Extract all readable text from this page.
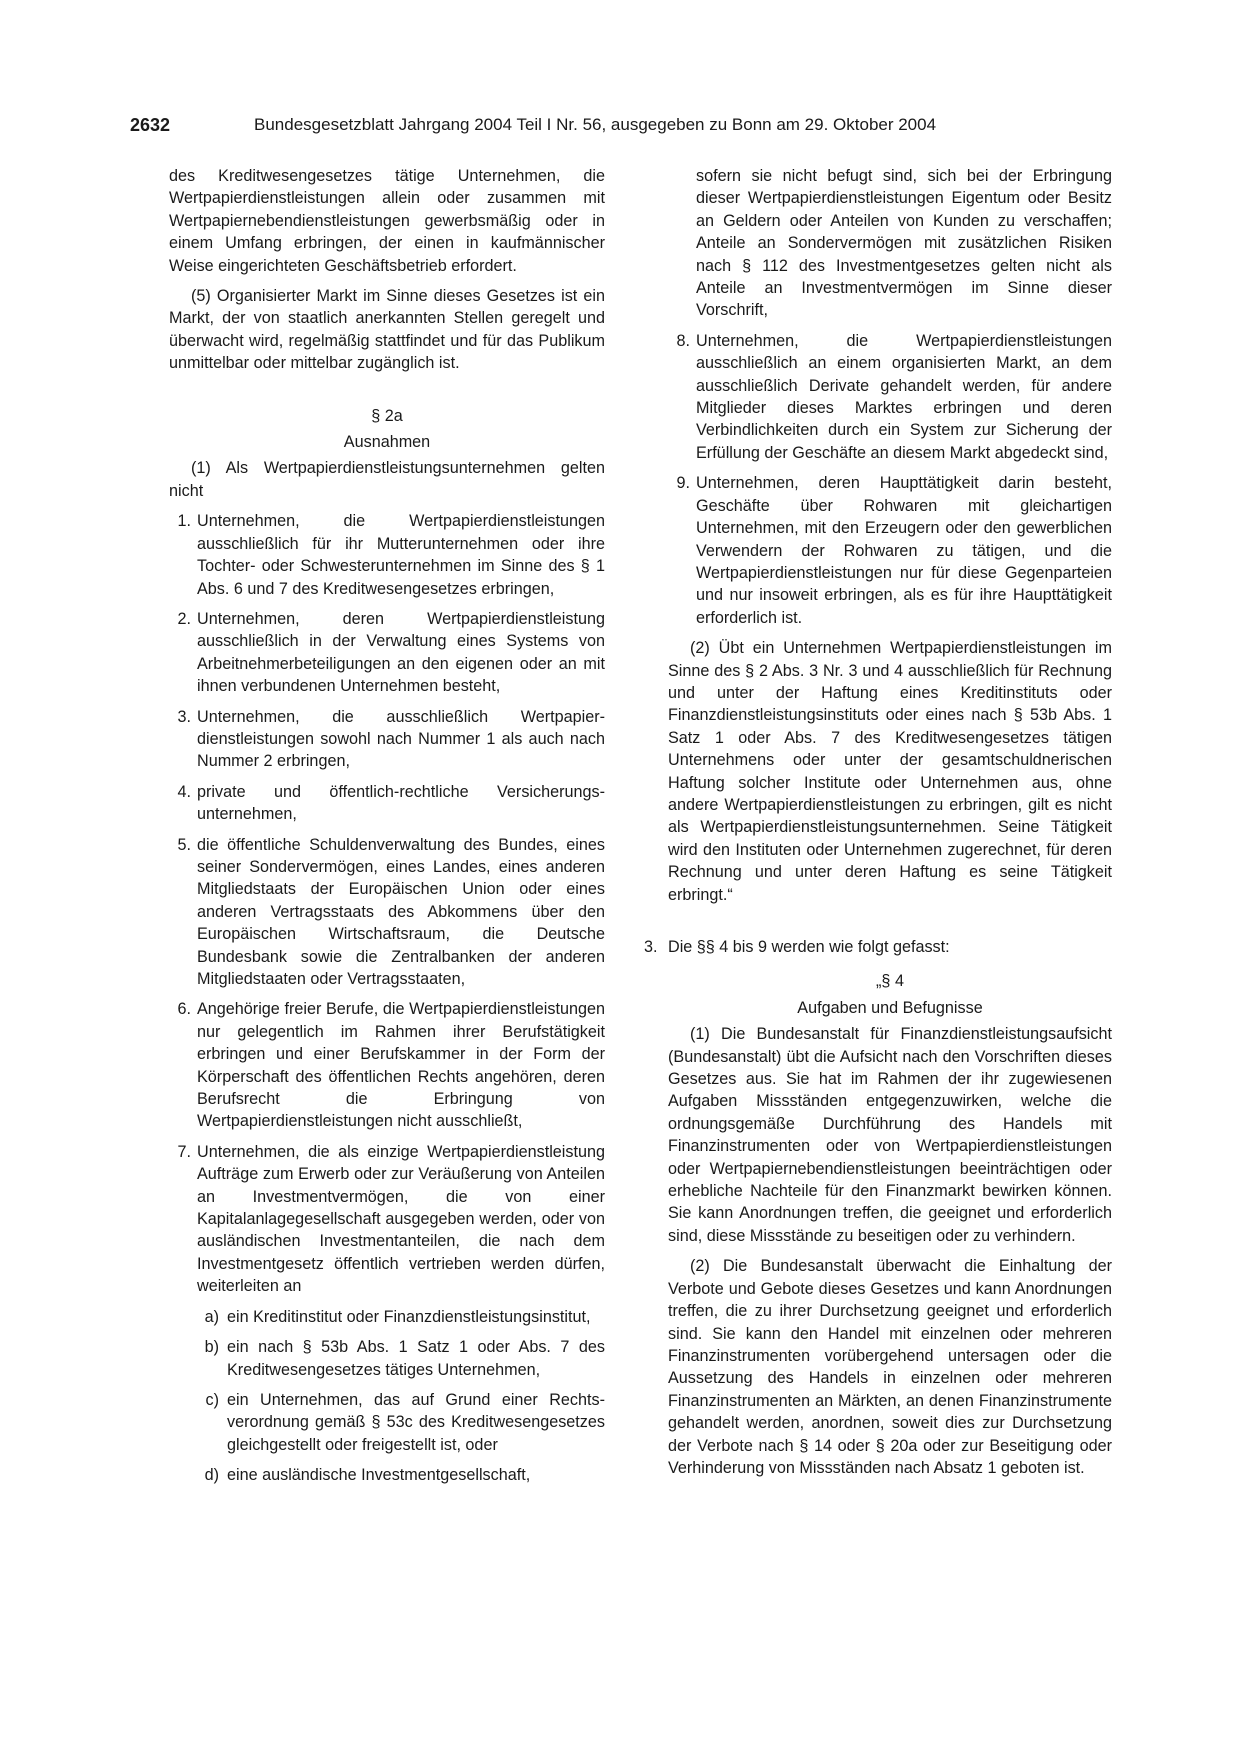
2632	Bundesgesetzblatt Jahrgang 2004 Teil I Nr. 56, ausgegeben zu Bonn am 29. Oktober 2004

des Kreditwesengesetzes tätige Unternehmen, die Wertpapierdienstleistungen allein oder zusammen mit Wertpapiernebendienstleistungen gewerbsmäßig oder in einem Umfang erbringen, der einen in kaufmännischer Weise eingerichteten Geschäftsbetrieb erfordert.

(5) Organisierter Markt im Sinne dieses Gesetzes ist ein Markt, der von staatlich anerkannten Stellen geregelt und überwacht wird, regelmäßig stattfindet und für das Publikum unmittelbar oder mittelbar zugänglich ist.

§ 2a

Ausnahmen

(1) Als Wertpapierdienstleistungsunternehmen gelten nicht

1. Unternehmen, die Wertpapierdienstleistungen ausschließlich für ihr Mutterunternehmen oder ihre Tochter- oder Schwesterunternehmen im Sinne des § 1 Abs. 6 und 7 des Kreditwesengesetzes erbringen,
2. Unternehmen, deren Wertpapierdienstleistung ausschließlich in der Verwaltung eines Systems von Arbeitnehmerbeteiligungen an den eigenen oder an mit ihnen verbundenen Unternehmen besteht,
3. Unternehmen, die ausschließlich Wertpapierdienstleistungen sowohl nach Nummer 1 als auch nach Nummer 2 erbringen,
4. private und öffentlich-rechtliche Versicherungsunternehmen,
5. die öffentliche Schuldenverwaltung des Bundes, eines seiner Sondervermögen, eines Landes, eines anderen Mitgliedstaats der Europäischen Union oder eines anderen Vertragsstaats des Abkommens über den Europäischen Wirtschaftsraum, die Deutsche Bundesbank sowie die Zentralbanken der anderen Mitgliedstaaten oder Vertragsstaaten,
6. Angehörige freier Berufe, die Wertpapierdienstleistungen nur gelegentlich im Rahmen ihrer Berufstätigkeit erbringen und einer Berufskammer in der Form der Körperschaft des öffentlichen Rechts angehören, deren Berufsrecht die Erbringung von Wertpapierdienstleistungen nicht ausschließt,
7. Unternehmen, die als einzige Wertpapierdienstleistung Aufträge zum Erwerb oder zur Veräußerung von Anteilen an Investmentvermögen, die von einer Kapitalanlagegesellschaft ausgegeben werden, oder von ausländischen Investmentanteilen, die nach dem Investmentgesetz öffentlich vertrieben werden dürfen, weiterleiten an
a) ein Kreditinstitut oder Finanzdienstleistungsinstitut,
b) ein nach § 53b Abs. 1 Satz 1 oder Abs. 7 des Kreditwesengesetzes tätiges Unternehmen,
c) ein Unternehmen, das auf Grund einer Rechtsverordnung gemäß § 53c des Kreditwesengesetzes gleichgestellt oder freigestellt ist, oder
d) eine ausländische Investmentgesellschaft,

sofern sie nicht befugt sind, sich bei der Erbringung dieser Wertpapierdienstleistungen Eigentum oder Besitz an Geldern oder Anteilen von Kunden zu verschaffen; Anteile an Sondervermögen mit zusätzlichen Risiken nach § 112 des Investmentgesetzes gelten nicht als Anteile an Investmentvermögen im Sinne dieser Vorschrift,

8. Unternehmen, die Wertpapierdienstleistungen ausschließlich an einem organisierten Markt, an dem ausschließlich Derivate gehandelt werden, für andere Mitglieder dieses Marktes erbringen und deren Verbindlichkeiten durch ein System zur Sicherung der Erfüllung der Geschäfte an diesem Markt abgedeckt sind,
9. Unternehmen, deren Haupttätigkeit darin besteht, Geschäfte über Rohwaren mit gleichartigen Unternehmen, mit den Erzeugern oder den gewerblichen Verwendern der Rohwaren zu tätigen, und die Wertpapierdienstleistungen nur für diese Gegenparteien und nur insoweit erbringen, als es für ihre Haupttätigkeit erforderlich ist.

(2) Übt ein Unternehmen Wertpapierdienstleistungen im Sinne des § 2 Abs. 3 Nr. 3 und 4 ausschließlich für Rechnung und unter der Haftung eines Kreditinstituts oder Finanzdienstleistungsinstituts oder eines nach § 53b Abs. 1 Satz 1 oder Abs. 7 des Kreditwesengesetzes tätigen Unternehmens oder unter der gesamtschuldnerischen Haftung solcher Institute oder Unternehmen aus, ohne andere Wertpapierdienstleistungen zu erbringen, gilt es nicht als Wertpapierdienstleistungsunternehmen. Seine Tätigkeit wird den Instituten oder Unternehmen zugerechnet, für deren Rechnung und unter deren Haftung es seine Tätigkeit erbringt.“

3. Die §§ 4 bis 9 werden wie folgt gefasst:

„§ 4

Aufgaben und Befugnisse

(1) Die Bundesanstalt für Finanzdienstleistungsaufsicht (Bundesanstalt) übt die Aufsicht nach den Vorschriften dieses Gesetzes aus. Sie hat im Rahmen der ihr zugewiesenen Aufgaben Missständen entgegenzuwirken, welche die ordnungsgemäße Durchführung des Handels mit Finanzinstrumenten oder von Wertpapierdienstleistungen oder Wertpapiernebendienstleistungen beeinträchtigen oder erhebliche Nachteile für den Finanzmarkt bewirken können. Sie kann Anordnungen treffen, die geeignet und erforderlich sind, diese Missstände zu beseitigen oder zu verhindern.

(2) Die Bundesanstalt überwacht die Einhaltung der Verbote und Gebote dieses Gesetzes und kann Anordnungen treffen, die zu ihrer Durchsetzung geeignet und erforderlich sind. Sie kann den Handel mit einzelnen oder mehreren Finanzinstrumenten vorübergehend untersagen oder die Aussetzung des Handels in einzelnen oder mehreren Finanzinstrumenten an Märkten, an denen Finanzinstrumente gehandelt werden, anordnen, soweit dies zur Durchsetzung der Verbote nach § 14 oder § 20a oder zur Beseitigung oder Verhinderung von Missständen nach Absatz 1 geboten ist.
